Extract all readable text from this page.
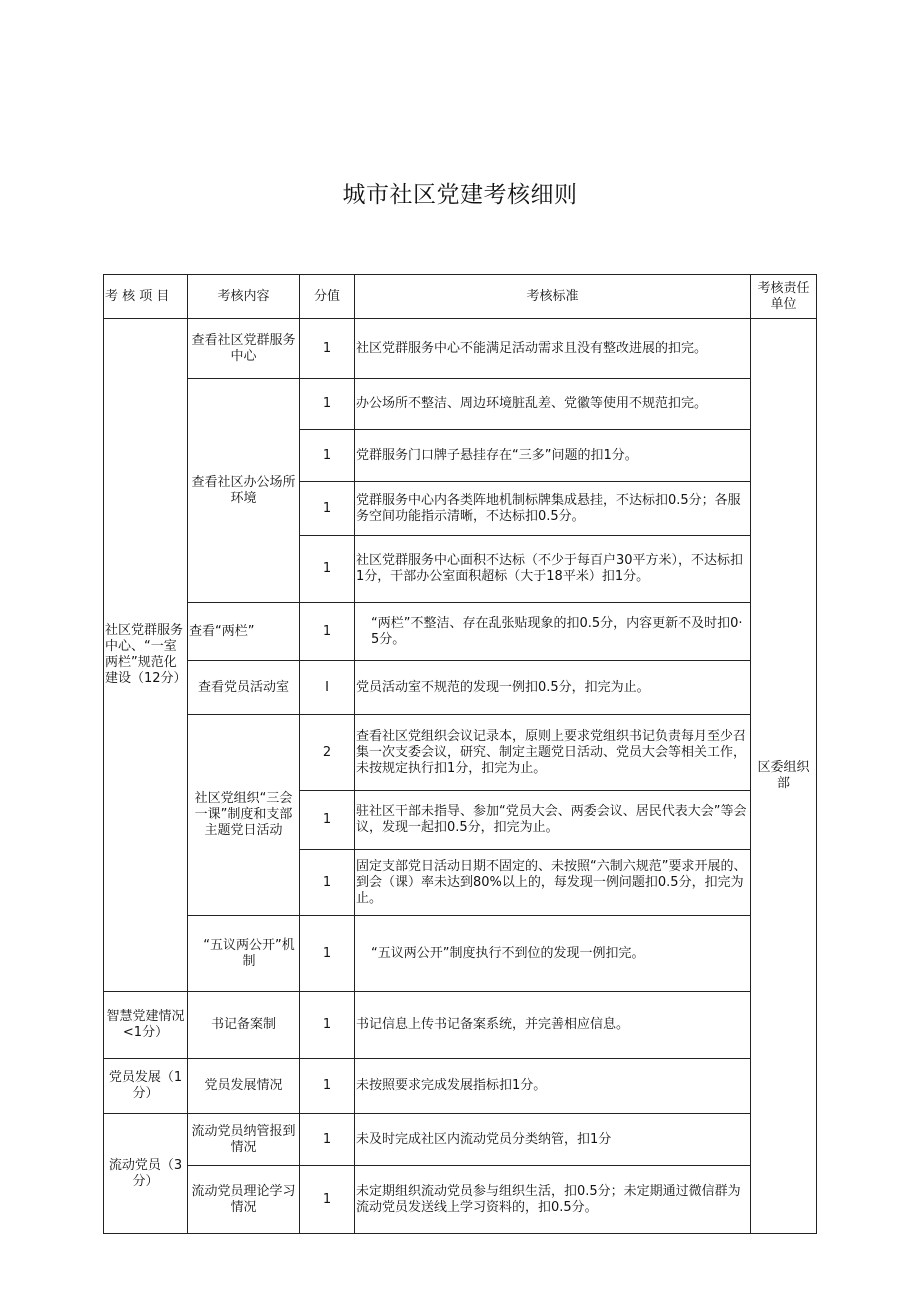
城市社区党建考核细则
考 核 项 目	考核内容	分值	考核标准	考核责任单位
社区党群服务中心、“一室两栏”规范化建设（12分）	查看社区党群服务中心	1	社区党群服务中心不能满足活动需求且没有整改进展的扣完。	区委组织部
	查看社区办公场所环境	1	办公场所不整洁、周边环境脏乱差、党徽等使用不规范扣完。	
		1	党群服务门口牌子悬挂存在“三多”问题的扣1分。	
		1	党群服务中心内各类阵地机制标牌集成悬挂，不达标扣0.5分；各服务空间功能指示清晰，不达标扣0.5分。	
		1	社区党群服务中心面积不达标（不少于每百户30平方米），不达标扣1分，干部办公室面积超标（大于18平米）扣1分。	
	查看“两栏”	1	“两栏”不整洁、存在乱张贴现象的扣0.5分，内容更新不及时扣0·5分。	
	查看党员活动室	I	党员活动室不规范的发现一例扣0.5分，扣完为止。	
	社区党组织“三会一课”制度和支部主题党日活动	2	查看社区党组织会议记录本，原则上要求党组织书记负责每月至少召集一次支委会议，研究、制定主题党日活动、党员大会等相关工作，未按规定执行扣1分，扣完为止。	
		1	驻社区干部未指导、参加“党员大会、两委会议、居民代表大会”等会议，发现一起扣0.5分，扣完为止。	
		1	固定支部党日活动日期不固定的、未按照“六制六规范”要求开展的、到会（课）率未达到80%以上的，每发现一例问题扣0.5分，扣完为止。	
	“五议两公开”机制	1	“五议两公开”制度执行不到位的发现一例扣完。	
智慧党建情况<1分）	书记备案制	1	书记信息上传书记备案系统，并完善相应信息。	
党员发展（1分）	党员发展情况	1	未按照要求完成发展指标扣1分。	
流动党员（3分）	流动党员纳管报到情况	1	未及时完成社区内流动党员分类纳管，扣1分	
	流动党员理论学习情况	1	未定期组织流动党员参与组织生活，扣0.5分；未定期通过微信群为流动党员发送线上学习资料的，扣0.5分。	
